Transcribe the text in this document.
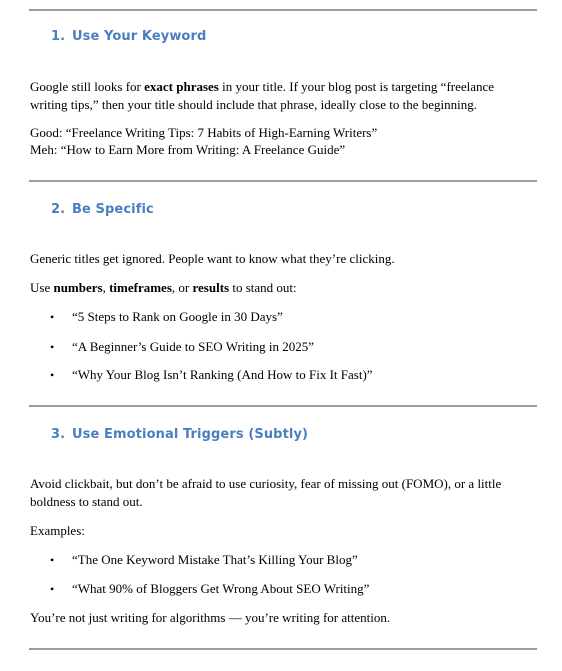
1. Use Your Keyword
Google still looks for exact phrases in your title. If your blog post is targeting “freelance writing tips,” then your title should include that phrase, ideally close to the beginning.
Good: “Freelance Writing Tips: 7 Habits of High-Earning Writers”
Meh: “How to Earn More from Writing: A Freelance Guide”
2. Be Specific
Generic titles get ignored. People want to know what they’re clicking.
Use numbers, timeframes, or results to stand out:
• “5 Steps to Rank on Google in 30 Days”
• “A Beginner’s Guide to SEO Writing in 2025”
• “Why Your Blog Isn’t Ranking (And How to Fix It Fast)”
3. Use Emotional Triggers (Subtly)
Avoid clickbait, but don’t be afraid to use curiosity, fear of missing out (FOMO), or a little boldness to stand out.
Examples:
• “The One Keyword Mistake That’s Killing Your Blog”
• “What 90% of Bloggers Get Wrong About SEO Writing”
You’re not just writing for algorithms — you’re writing for attention.
